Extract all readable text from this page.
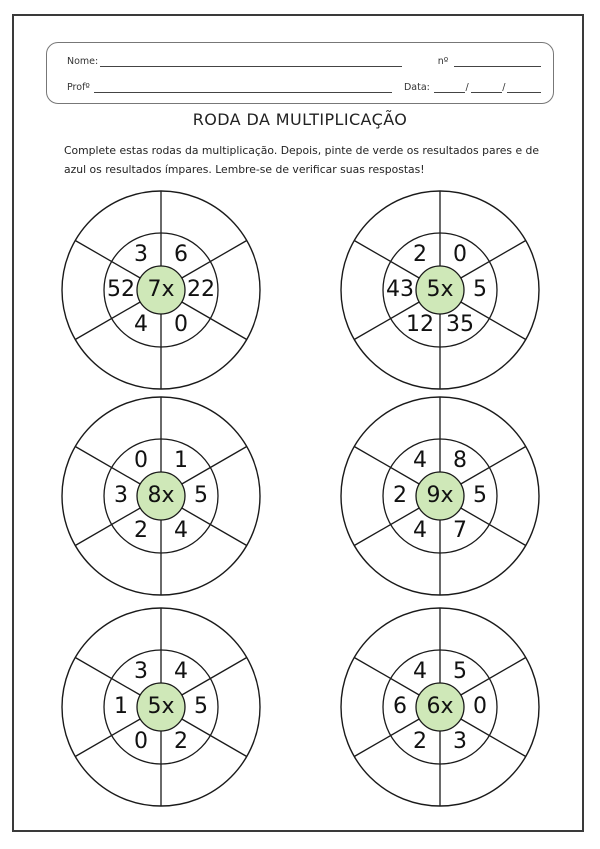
Nome:	nº
Profº	Data:	/	/
RODA DA MULTIPLICAÇÃO
Complete estas rodas da multiplicação. Depois, pinte de verde os resultados pares e de azul os resultados ímpares. Lembre-se de verificar suas respostas!
3	6
22
0
4
52 7x
2	0
5
35
12
43 5x
0	1
5
4
2
3 8x
4	8
5
7
4
2 9x
3	4
5
2
0
1 5x
4	5
0
3
2
6 6x
